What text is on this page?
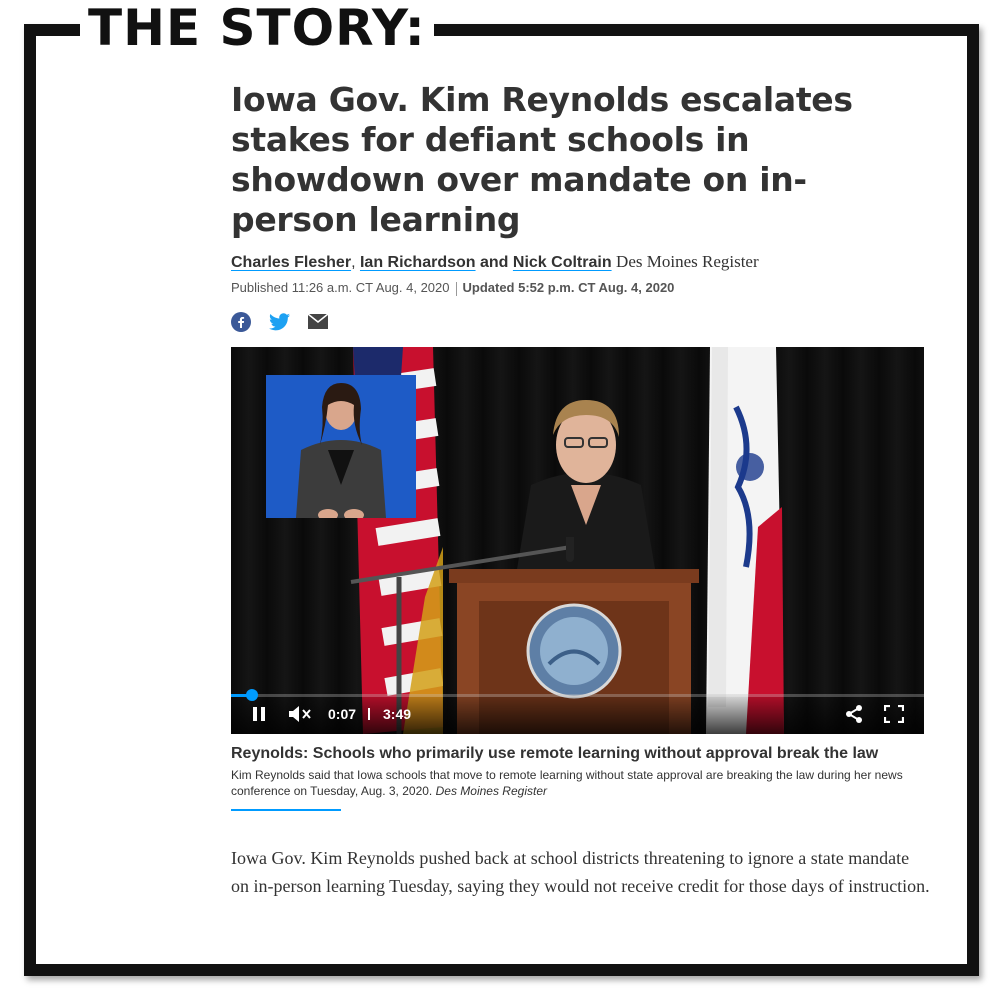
THE STORY:
Iowa Gov. Kim Reynolds escalates stakes for defiant schools in showdown over mandate on in-person learning
Charles Flesher, Ian Richardson and Nick Coltrain Des Moines Register
Published 11:26 a.m. CT Aug. 4, 2020 Updated 5:52 p.m. CT Aug. 4, 2020
0:07 3:49
Reynolds: Schools who primarily use remote learning without approval break the law
Kim Reynolds said that Iowa schools that move to remote learning without state approval are breaking the law during her news conference on Tuesday, Aug. 3, 2020. Des Moines Register

Iowa Gov. Kim Reynolds pushed back at school districts threatening to ignore a state mandate on in-person learning Tuesday, saying they would not receive credit for those days of instruction.
